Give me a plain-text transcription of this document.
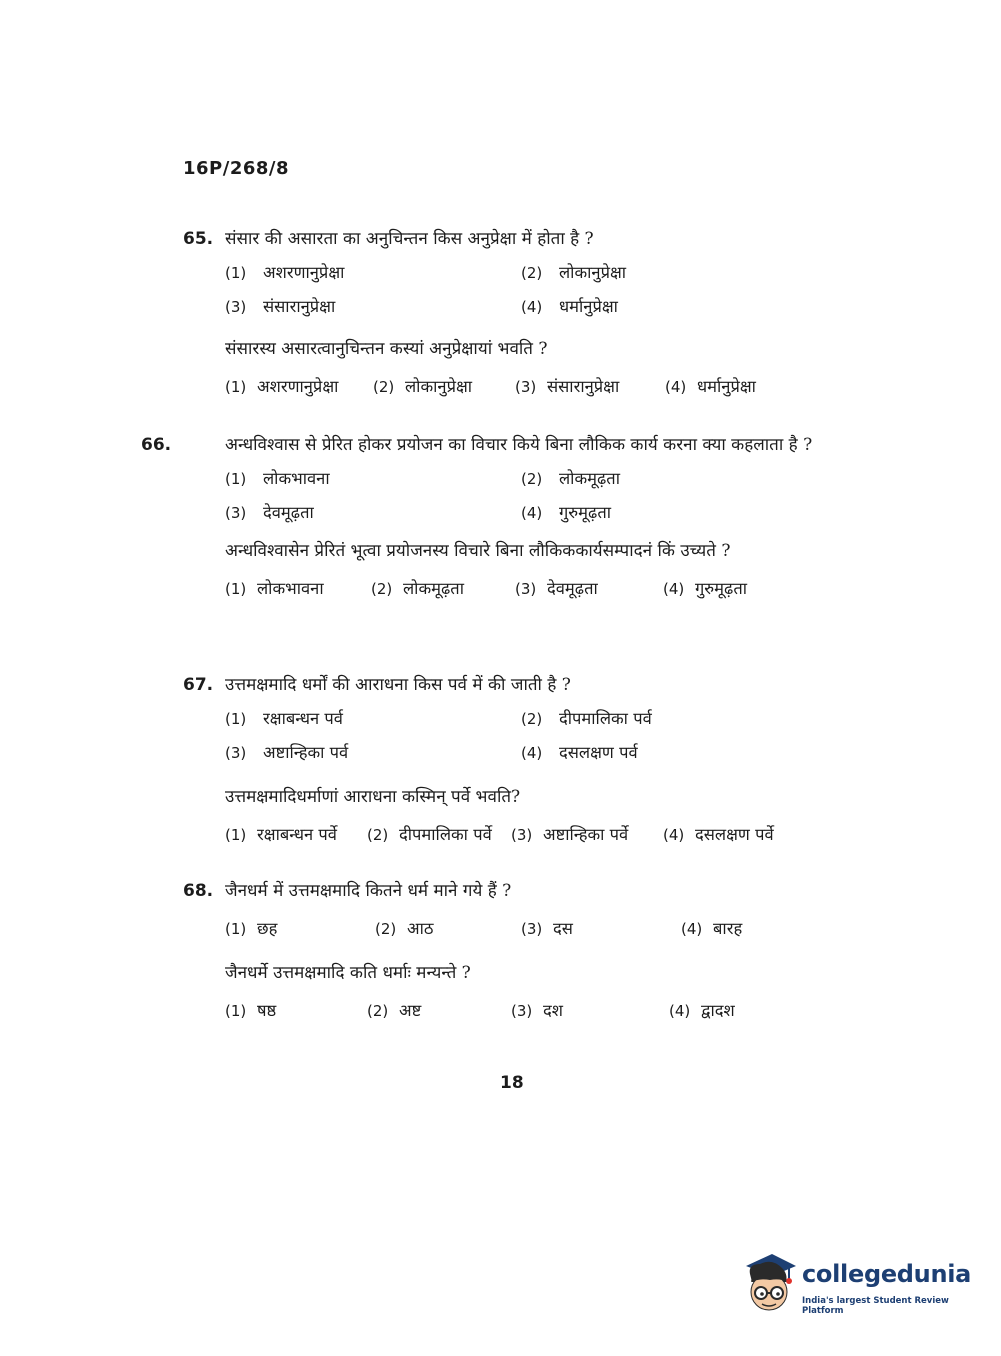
16P/268/8
65. संसार की असारता का अनुचिन्तन किस अनुप्रेक्षा में होता है ?
(1) अशरणानुप्रेक्षा	(2) लोकानुप्रेक्षा
(3) संसारानुप्रेक्षा	(4) धर्मानुप्रेक्षा
संसारस्य असारत्वानुचिन्तन कस्यां अनुप्रेक्षायां भवति ?
(1) अशरणानुप्रेक्षा	(2) लोकानुप्रेक्षा	(3) संसारानुप्रेक्षा	(4) धर्मानुप्रेक्षा
66.	अन्धविश्वास से प्रेरित होकर प्रयोजन का विचार किये बिना लौकिक कार्य करना क्या कहलाता है ?
(1) लोकभावना	(2) लोकमूढ़ता
(3) देवमूढ़ता	(4) गुरुमूढ़ता
अन्धविश्वासेन प्रेरितं भूत्वा प्रयोजनस्य विचारे बिना लौकिककार्यसम्पादनं किं उच्यते ?
(1) लोकभावना	(2) लोकमूढ़ता	(3) देवमूढ़ता	(4) गुरुमूढ़ता
67. उत्तमक्षमादि धर्मों की आराधना किस पर्व में की जाती है ?
(1) रक्षाबन्धन पर्व	(2) दीपमालिका पर्व
(3) अष्टान्हिका पर्व	(4) दसलक्षण पर्व
उत्तमक्षमादिधर्माणां आराधना कस्मिन् पर्वे भवति?
(1) रक्षाबन्धन पर्वे	(2) दीपमालिका पर्वे	(3) अष्टान्हिका पर्वे	(4) दसलक्षण पर्वे
68. जैनधर्म में उत्तमक्षमादि कितने धर्म माने गये हैं ?
(1) छह	(2) आठ	(3) दस	(4) बारह
जैनधर्मे उत्तमक्षमादि कति धर्माः मन्यन्ते ?
(1) षष्ठ	(2) अष्ट	(3) दश	(4) द्वादश
18
collegedunia
India's largest Student Review Platform
